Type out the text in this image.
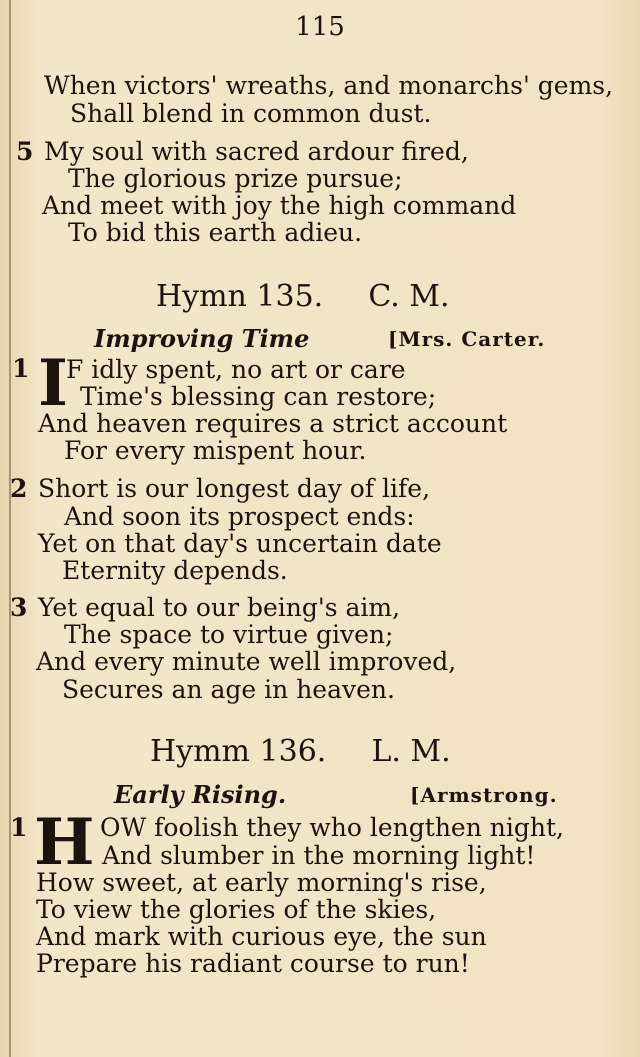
115
When victors' wreaths, and monarchs' gems,
Shall blend in common dust.
5 My soul with sacred ardour fired,
The glorious prize pursue;
And meet with joy the high command
To bid this earth adieu.
Hymn 135. C. M.
Improving Time	[Mrs. Carter.
1 I
F idly spent, no art or care
Time's blessing can restore;
And heaven requires a strict account
For every mispent hour.
2 Short is our longest day of life,
And soon its prospect ends:
Yet on that day's uncertain date
Eternity depends.
3 Yet equal to our being's aim,
The space to virtue given;
And every minute well improved,
Secures an age in heaven.
Hymm 136. L. M.
Early Rising.	[Armstrong.
1 H OW foolish they who lengthen night,
And slumber in the morning light!
How sweet, at early morning's rise,
To view the glories of the skies,
And mark with curious eye, the sun
Prepare his radiant course to run!
